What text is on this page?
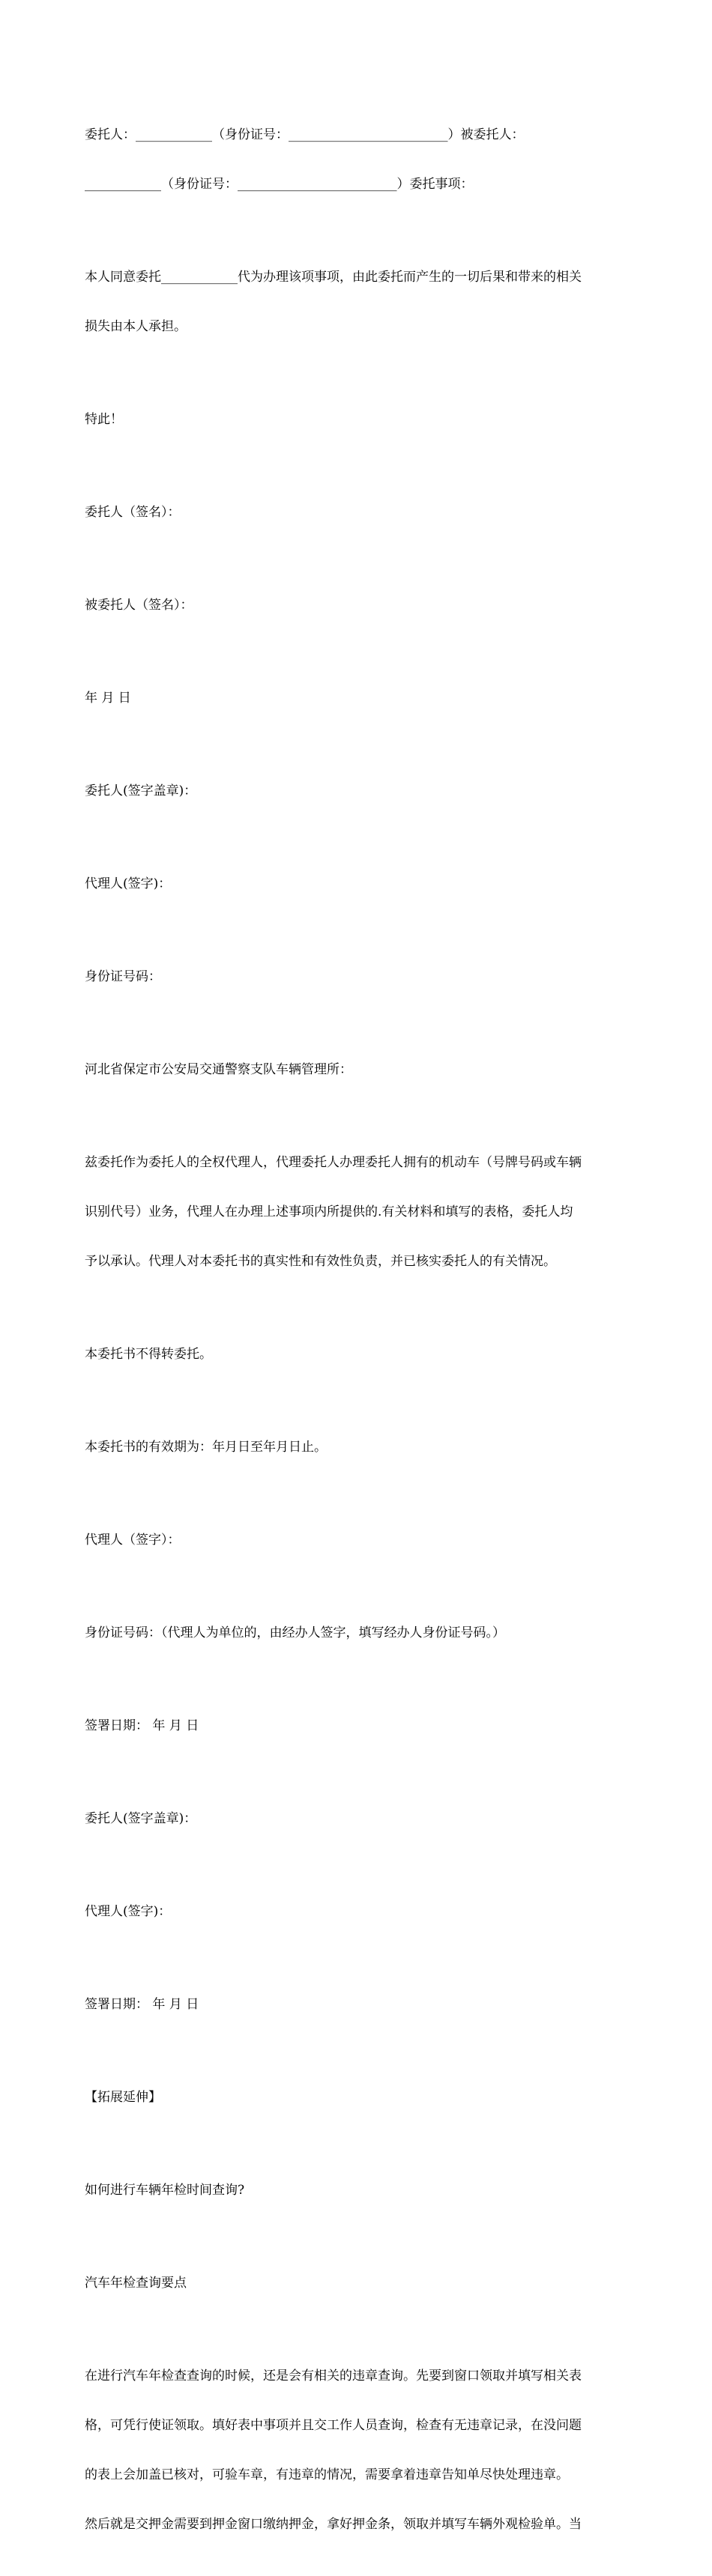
委托人：____________（身份证号：_________________________）被委托人：

____________（身份证号：_________________________）委托事项：

本人同意委托____________代为办理该项事项，由此委托而产生的一切后果和带来的相关

损失由本人承担。

特此！

委托人（签名）：

被委托人（签名）：

年 月 日

委托人(签字盖章)：

代理人(签字)：

身份证号码：

河北省保定市公安局交通警察支队车辆管理所：

兹委托作为委托人的全权代理人，代理委托人办理委托人拥有的机动车（号牌号码或车辆

识别代号）业务，代理人在办理上述事项内所提供的.有关材料和填写的表格，委托人均

予以承认。代理人对本委托书的真实性和有效性负责，并已核实委托人的有关情况。

本委托书不得转委托。

本委托书的有效期为：年月日至年月日止。

代理人（签字）：

身份证号码：（代理人为单位的，由经办人签字，填写经办人身份证号码。）

签署日期： 年 月 日

委托人(签字盖章)：

代理人(签字)：

签署日期： 年 月 日

【拓展延伸】

如何进行车辆年检时间查询?

汽车年检查询要点

在进行汽车年检查查询的时候，还是会有相关的违章查询。先要到窗口领取并填写相关表

格，可凭行使证领取。填好表中事项并且交工作人员查询，检查有无违章记录，在没问题

的表上会加盖已核对，可验车章，有违章的情况，需要拿着违章告知单尽快处理违章。

然后就是交押金需要到押金窗口缴纳押金，拿好押金条，领取并填写车辆外观检验单。当
